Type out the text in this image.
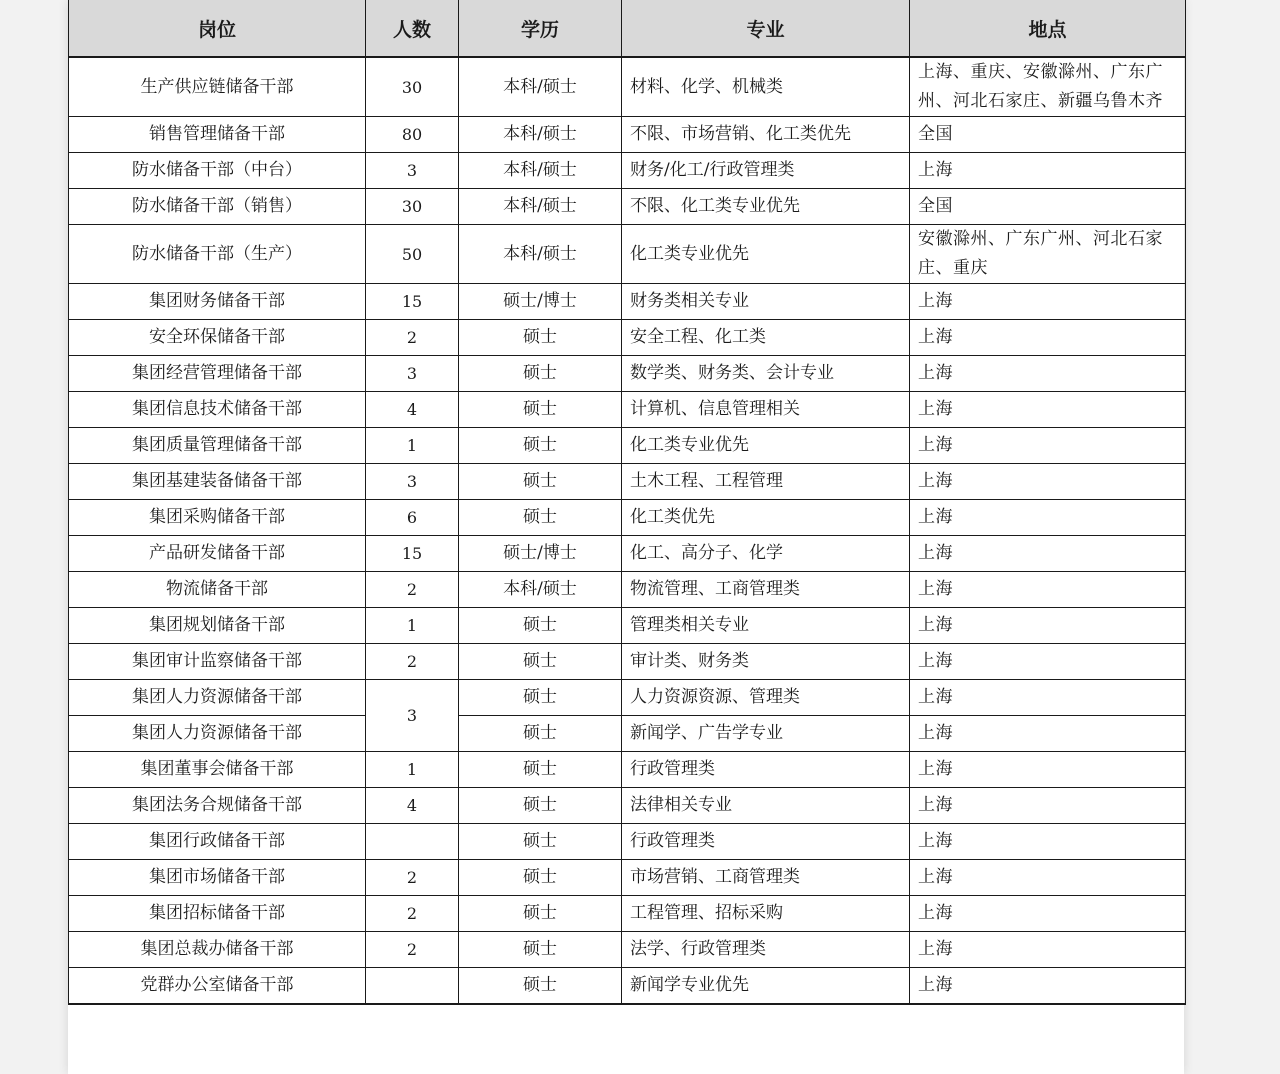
岗位	人数	学历	专业	地点
生产供应链储备干部	30	本科/硕士	材料、化学、机械类	上海、重庆、安徽滁州、广东广州、河北石家庄、新疆乌鲁木齐
销售管理储备干部	80	本科/硕士	不限、市场营销、化工类优先	全国
防水储备干部（中台）	3	本科/硕士	财务/化工/行政管理类	上海
防水储备干部（销售）	30	本科/硕士	不限、化工类专业优先	全国
防水储备干部（生产）	50	本科/硕士	化工类专业优先	安徽滁州、广东广州、河北石家庄、重庆
集团财务储备干部	15	硕士/博士	财务类相关专业	上海
安全环保储备干部	2	硕士	安全工程、化工类	上海
集团经营管理储备干部	3	硕士	数学类、财务类、会计专业	上海
集团信息技术储备干部	4	硕士	计算机、信息管理相关	上海
集团质量管理储备干部	1	硕士	化工类专业优先	上海
集团基建装备储备干部	3	硕士	土木工程、工程管理	上海
集团采购储备干部	6	硕士	化工类优先	上海
产品研发储备干部	15	硕士/博士	化工、高分子、化学	上海
物流储备干部	2	本科/硕士	物流管理、工商管理类	上海
集团规划储备干部	1	硕士	管理类相关专业	上海
集团审计监察储备干部	2	硕士	审计类、财务类	上海
集团人力资源储备干部	3	硕士	人力资源资源、管理类	上海
集团人力资源储备干部		硕士	新闻学、广告学专业	上海
集团董事会储备干部	1	硕士	行政管理类	上海
集团法务合规储备干部	4	硕士	法律相关专业	上海
集团行政储备干部		硕士	行政管理类	上海
集团市场储备干部	2	硕士	市场营销、工商管理类	上海
集团招标储备干部	2	硕士	工程管理、招标采购	上海
集团总裁办储备干部	2	硕士	法学、行政管理类	上海
党群办公室储备干部		硕士	新闻学专业优先	上海
